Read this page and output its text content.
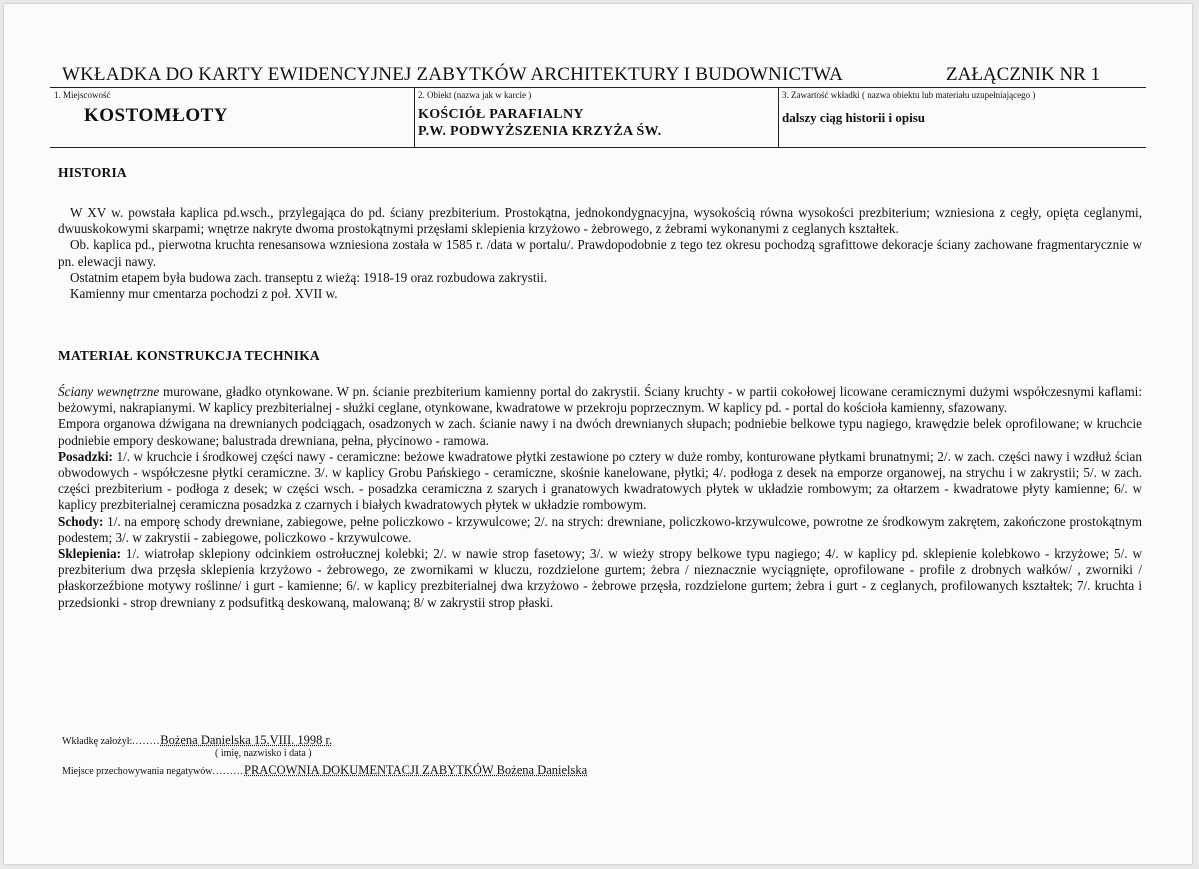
WKŁADKA DO KARTY EWIDENCYJNEJ ZABYTKÓW ARCHITEKTURY I BUDOWNICTWA	ZAŁĄCZNIK NR 1
1. Miejscowość
KOSTOMŁOTY
2. Obiekt (nazwa jak w karcie )
KOŚCIÓŁ PARAFIALNY
P.W. PODWYŻSZENIA KRZYŻA ŚW.
3. Zawartość wkładki ( nazwa obiektu lub materiału uzupełniającego )
dalszy ciąg historii i opisu
HISTORIA
W XV w. powstała kaplica pd.wsch., przylegająca do pd. ściany prezbiterium. Prostokątna, jednokondygnacyjna, wysokością równa wysokości prezbiterium; wzniesiona z cegły, opięta ceglanymi, dwuuskokowymi skarpami; wnętrze nakryte dwoma prostokątnymi przęsłami sklepienia krzyżowo - żebrowego, z żebrami wykonanymi z ceglanych kształtek.
Ob. kaplica pd., pierwotna kruchta renesansowa wzniesiona została w 1585 r. /data w portalu/. Prawdopodobnie z tego tez okresu pochodzą sgrafittowe dekoracje ściany zachowane fragmentarycznie w pn. elewacji nawy.
Ostatnim etapem była budowa zach. transeptu z wieżą: 1918-19 oraz rozbudowa zakrystii.
Kamienny mur cmentarza pochodzi z poł. XVII w.
MATERIAŁ KONSTRUKCJA TECHNIKA
Ściany wewnętrzne murowane, gładko otynkowane. W pn. ścianie prezbiterium kamienny portal do zakrystii. Ściany kruchty - w partii cokołowej licowane ceramicznymi dużymi współczesnymi kaflami: beżowymi, nakrapianymi. W kaplicy prezbiterialnej - służki ceglane, otynkowane, kwadratowe w przekroju poprzecznym. W kaplicy pd. - portal do kościoła kamienny, sfazowany.
Empora organowa dźwigana na drewnianych podciągach, osadzonych w zach. ścianie nawy i na dwóch drewnianych słupach; podniebie belkowe typu nagiego, krawędzie belek oprofilowane; w kruchcie podniebie empory deskowane; balustrada drewniana, pełna, płycinowo - ramowa.
Posadzki: 1/. w kruchcie i środkowej części nawy - ceramiczne: beżowe kwadratowe płytki zestawione po cztery w duże romby, konturowane płytkami brunatnymi; 2/. w zach. części nawy i wzdłuż ścian obwodowych - współczesne płytki ceramiczne. 3/. w kaplicy Grobu Pańskiego - ceramiczne, skośnie kanelowane, płytki; 4/. podłoga z desek na emporze organowej, na strychu i w zakrystii; 5/. w zach. części prezbiterium - podłoga z desek; w części wsch. - posadzka ceramiczna z szarych i granatowych kwadratowych płytek w układzie rombowym; za ołtarzem - kwadratowe płyty kamienne; 6/. w kaplicy prezbiterialnej ceramiczna posadzka z czarnych i białych kwadratowych płytek w układzie rombowym.
Schody: 1/. na emporę schody drewniane, zabiegowe, pełne policzkowo - krzywulcowe; 2/. na strych: drewniane, policzkowo-krzywulcowe, powrotne ze środkowym zakrętem, zakończone prostokątnym podestem; 3/. w zakrystii - zabiegowe, policzkowo - krzywulcowe.
Sklepienia: 1/. wiatrołap sklepiony odcinkiem ostrołucznej kolebki; 2/. w nawie strop fasetowy; 3/. w wieży stropy belkowe typu nagiego; 4/. w kaplicy pd. sklepienie kolebkowo - krzyżowe; 5/. w prezbiterium dwa przęsła sklepienia krzyżowo - żebrowego, ze zwornikami w kluczu, rozdzielone gurtem; żebra / nieznacznie wyciągnięte, oprofilowane - profile z drobnych wałków/ , zworniki / płaskorzeźbione motywy roślinne/ i gurt - kamienne; 6/. w kaplicy prezbiterialnej dwa krzyżowo - żebrowe przęsła, rozdzielone gurtem; żebra i gurt - z ceglanych, profilowanych kształtek; 7/. kruchta i przedsionki - strop drewniany z podsufitką deskowaną, malowaną; 8/ w zakrystii strop płaski.
Wkładkę założył:........Bożena Danielska 15.VIII. 1998 r.
( imię, nazwisko i data )
Miejsce przechowywania negatywów.........PRACOWNIA DOKUMENTACJI ZABYTKÓW Bożena Danielska
